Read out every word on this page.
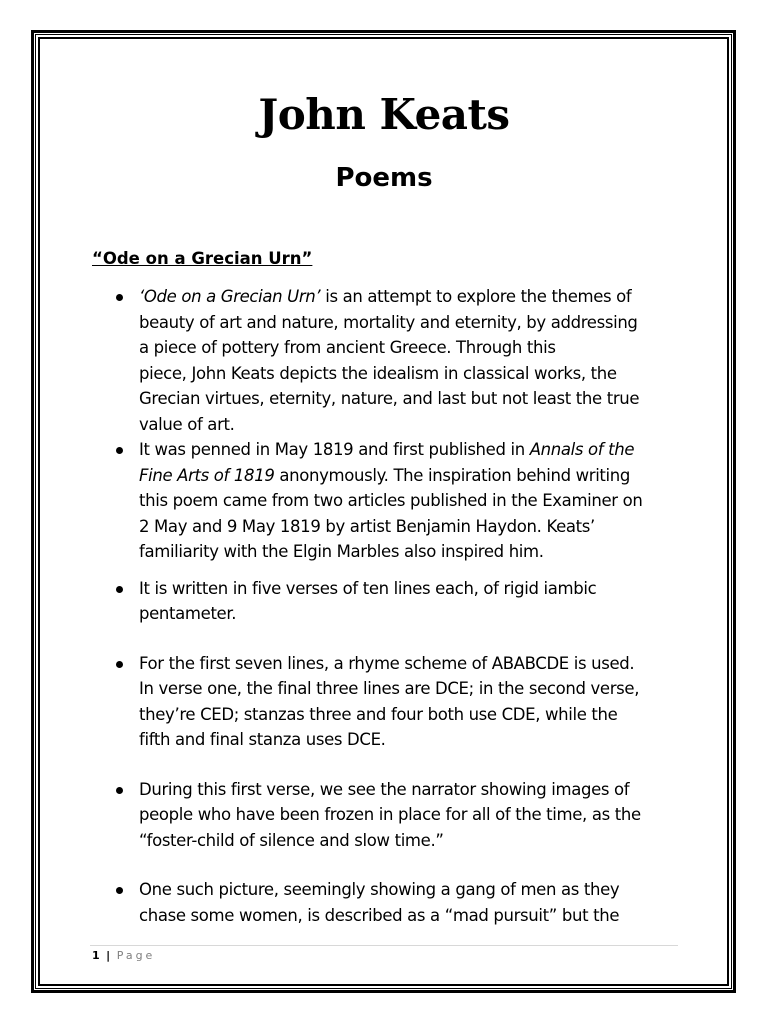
John Keats
Poems
“Ode on a Grecian Urn”
‘Ode on a Grecian Urn’ is an attempt to explore the themes of
beauty of art and nature, mortality and eternity, by addressing
a piece of pottery from ancient Greece. Through this
piece, John Keats depicts the idealism in classical works, the
Grecian virtues, eternity, nature, and last but not least the true
value of art.
It was penned in May 1819 and first published in Annals of the
Fine Arts of 1819 anonymously. The inspiration behind writing
this poem came from two articles published in the Examiner on
2 May and 9 May 1819 by artist Benjamin Haydon. Keats’
familiarity with the Elgin Marbles also inspired him.
It is written in five verses of ten lines each, of rigid iambic
pentameter.
For the first seven lines, a rhyme scheme of ABABCDE is used.
In verse one, the final three lines are DCE; in the second verse,
they’re CED; stanzas three and four both use CDE, while the
fifth and final stanza uses DCE.
During this first verse, we see the narrator showing images of
people who have been frozen in place for all of the time, as the
“foster-child of silence and slow time.”
One such picture, seemingly showing a gang of men as they
chase some women, is described as a “mad pursuit” but the
1 | Page
